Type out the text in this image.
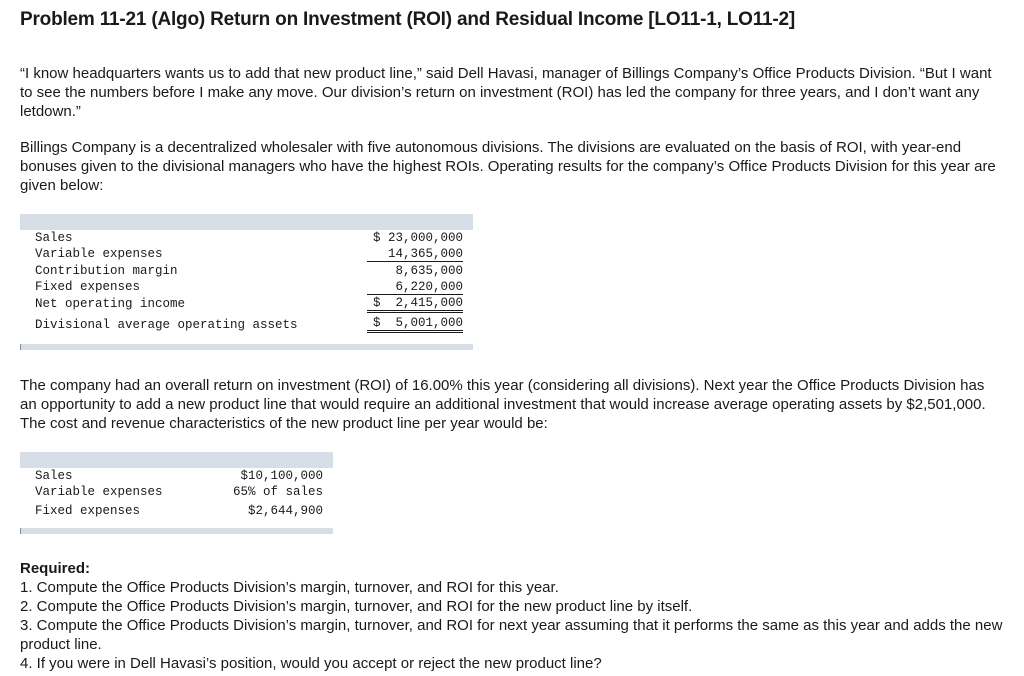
Problem 11-21 (Algo) Return on Investment (ROI) and Residual Income [LO11-1, LO11-2]

“I know headquarters wants us to add that new product line,” said Dell Havasi, manager of Billings Company’s Office Products Division. “But I want to see the numbers before I make any move. Our division’s return on investment (ROI) has led the company for three years, and I don’t want any letdown.”

Billings Company is a decentralized wholesaler with five autonomous divisions. The divisions are evaluated on the basis of ROI, with year-end bonuses given to the divisional managers who have the highest ROIs. Operating results for the company’s Office Products Division for this year are given below:

Sales	$ 23,000,000
Variable expenses	14,365,000
Contribution margin	8,635,000
Fixed expenses	6,220,000
Net operating income	$ 2,415,000
Divisional average operating assets	$ 5,001,000

The company had an overall return on investment (ROI) of 16.00% this year (considering all divisions). Next year the Office Products Division has an opportunity to add a new product line that would require an additional investment that would increase average operating assets by $2,501,000. The cost and revenue characteristics of the new product line per year would be:

Sales	$10,100,000
Variable expenses	65% of sales
Fixed expenses	$2,644,900
Required:
1. Compute the Office Products Division’s margin, turnover, and ROI for this year.
2. Compute the Office Products Division’s margin, turnover, and ROI for the new product line by itself.
3. Compute the Office Products Division’s margin, turnover, and ROI for next year assuming that it performs the same as this year and adds the new product line.
4. If you were in Dell Havasi’s position, would you accept or reject the new product line?
